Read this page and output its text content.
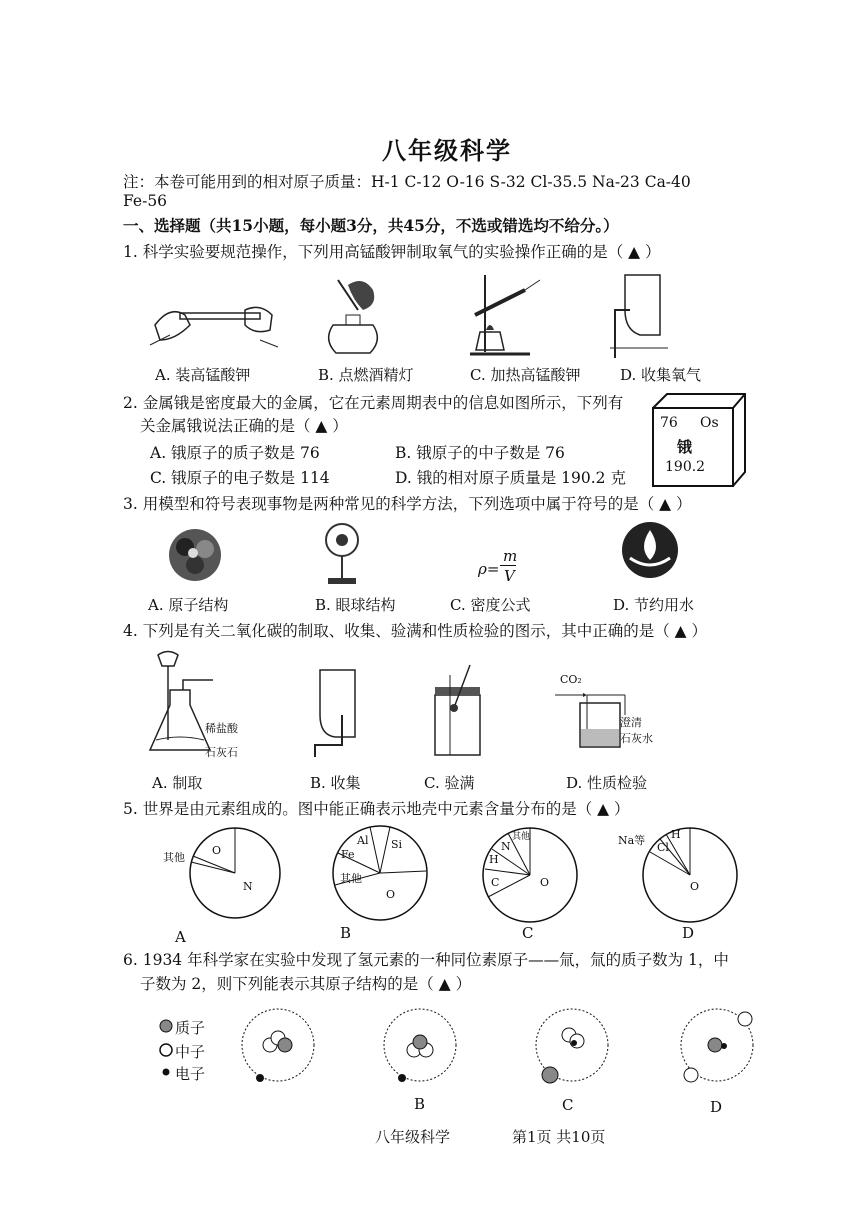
八年级科学
注：本卷可能用到的相对原子质量：H-1 C-12 O-16 S-32 Cl-35.5 Na-23 Ca-40
Fe-56
一、选择题（共15小题，每小题3分，共45分，不选或错选均不给分。）
1. 科学实验要规范操作，下列用高锰酸钾制取氧气的实验操作正确的是（ ▲ ）
A. 装高锰酸钾	B. 点燃酒精灯	C. 加热高锰酸钾	D. 收集氧气
2. 金属锇是密度最大的金属，它在元素周期表中的信息如图所示，下列有
关金属锇说法正确的是（ ▲ ）
A. 锇原子的质子数是 76	B. 锇原子的中子数是 76
C. 锇原子的电子数是 114	D. 锇的相对原子质量是 190.2 克
76 Os
锇
190.2
3. 用模型和符号表现事物是两种常见的科学方法，下列选项中属于符号的是（ ▲ ）
ρ=
m
V
A. 原子结构	B. 眼球结构	C. 密度公式	D. 节约用水
4. 下列是有关二氧化碳的制取、收集、验满和性质检验的图示，其中正确的是（ ▲ ）
稀盐酸
石灰石
CO₂
澄清
石灰水
A. 制取	B. 收集	C. 验满	D. 性质检验
5. 世界是由元素组成的。图中能正确表示地壳中元素含量分布的是（ ▲ ）
其他
O
N
Al Si
Fe
其他
O
其他
N
H
C	O
Na等
Cl
H
O
A	B	C	D
6. 1934 年科学家在实验中发现了氢元素的一种同位素原子——氚，氚的质子数为 1，中
子数为 2，则下列能表示其原子结构的是（ ▲ ）
质子
中子
电子
B	C	D
八年级科学	第1页 共10页
